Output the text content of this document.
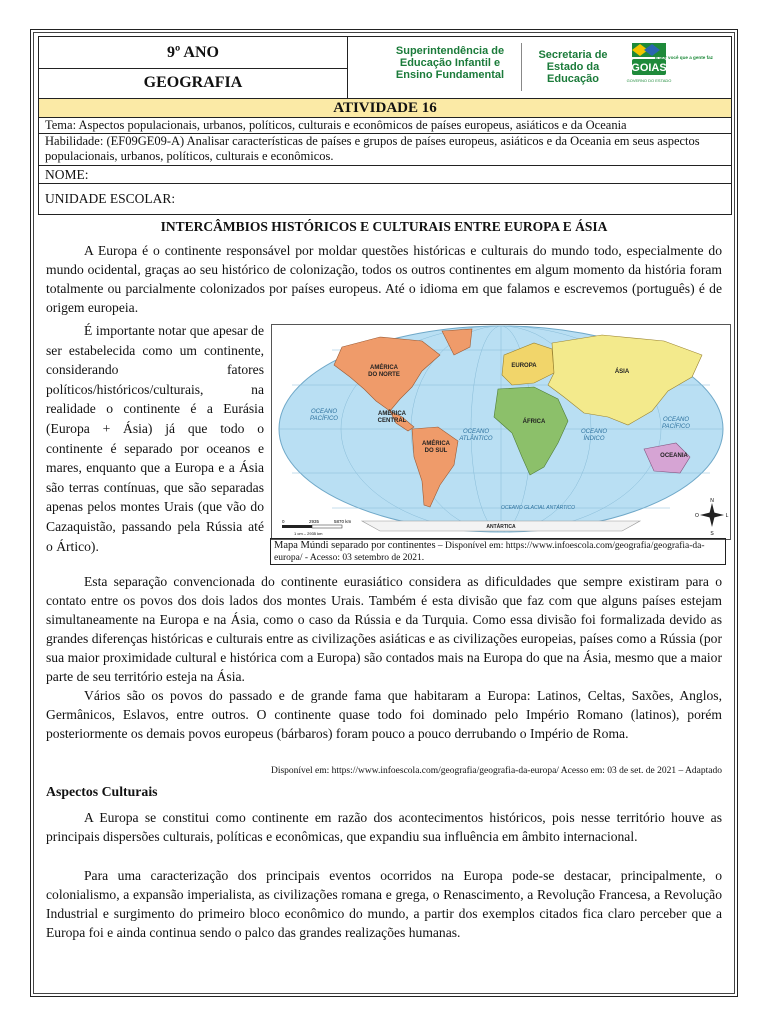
9º ANO
GEOGRAFIA
Superintendência de
Educação Infantil e
Ensino Fundamental
Secretaria de
Estado da
Educação
GOIAS
É por você que a gente faz
GOVERNO DO ESTADO
ATIVIDADE 16
Tema: Aspectos populacionais, urbanos, políticos, culturais e econômicos de países europeus, asiáticos e da Oceania
Habilidade: (EF09GE09-A) Analisar características de países e grupos de países europeus, asiáticos e da Oceania em seus aspectos populacionais, urbanos, políticos, culturais e econômicos.
NOME:
UNIDADE ESCOLAR:
INTERCÂMBIOS HISTÓRICOS E CULTURAIS ENTRE EUROPA E ÁSIA

A Europa é o continente responsável por moldar questões históricas e culturais do mundo todo, especialmente do mundo ocidental, graças ao seu histórico de colonização, todos os outros continentes em algum momento da história foram totalmente ou parcialmente colonizados por países europeus. Até o idioma em que falamos e escrevemos (português) é de origem europeia.

É importante notar que apesar de ser estabelecida como um continente, considerando fatores políticos/históricos/culturais, na realidade o continente é a Eurásia (Europa + Ásia) já que todo o continente é separado por oceanos e mares, enquanto que a Europa e a Ásia são terras contínuas, que são separadas apenas pelos montes Urais (que vão do Cazaquistão, passando pela Rússia até o Ártico).

AMÉRICA
DO NORTE
AMÉRICA
CENTRAL
AMÉRICA
DO SUL
EUROPA
ÁSIA
ÁFRICA
OCEANIA
ANTÁRTICA
OCEANO
PACÍFICO	OCEANO
PACÍFICO
OCEANO
ATLÂNTICO
OCEANO
ÍNDICO
OCEANO GLACIAL ANTÁRTICO
0	2935	5870 km
1 cm – 2935 km
N
S
L
O
Mapa Múndi separado por continentes – Disponível em: https://www.infoescola.com/geografia/geografia-da-europa/ - Acesso: 03 setembro de 2021.

Esta separação convencionada do continente eurasiático considera as dificuldades que sempre existiram para o contato entre os povos dos dois lados dos montes Urais. Também é esta divisão que faz com que alguns países estejam simultaneamente na Europa e na Ásia, como o caso da Rússia e da Turquia. Como essa divisão foi formalizada devido as grandes diferenças históricas e culturais entre as civilizações asiáticas e as civilizações europeias, países como a Rússia (por sua maior proximidade cultural e histórica com a Europa) são contados mais na Europa do que na Ásia, mesmo que a maior parte de seu território esteja na Ásia.

Vários são os povos do passado e de grande fama que habitaram a Europa: Latinos, Celtas, Saxões, Anglos, Germânicos, Eslavos, entre outros. O continente quase todo foi dominado pelo Império Romano (latinos), porém posteriormente os demais povos europeus (bárbaros) foram pouco a pouco derrubando o Império de Roma.

Disponível em: https://www.infoescola.com/geografia/geografia-da-europa/ Acesso em: 03 de set. de 2021 – Adaptado
Aspectos Culturais

A Europa se constitui como continente em razão dos acontecimentos históricos, pois nesse território houve as principais dispersões culturais, políticas e econômicas, que expandiu sua influência em âmbito internacional.

Para uma caracterização dos principais eventos ocorridos na Europa pode-se destacar, principalmente, o colonialismo, a expansão imperialista, as civilizações romana e grega, o Renascimento, a Revolução Francesa, a Revolução Industrial e surgimento do primeiro bloco econômico do mundo, a partir dos exemplos citados fica claro perceber que a Europa foi e ainda continua sendo o palco das grandes realizações humanas.
